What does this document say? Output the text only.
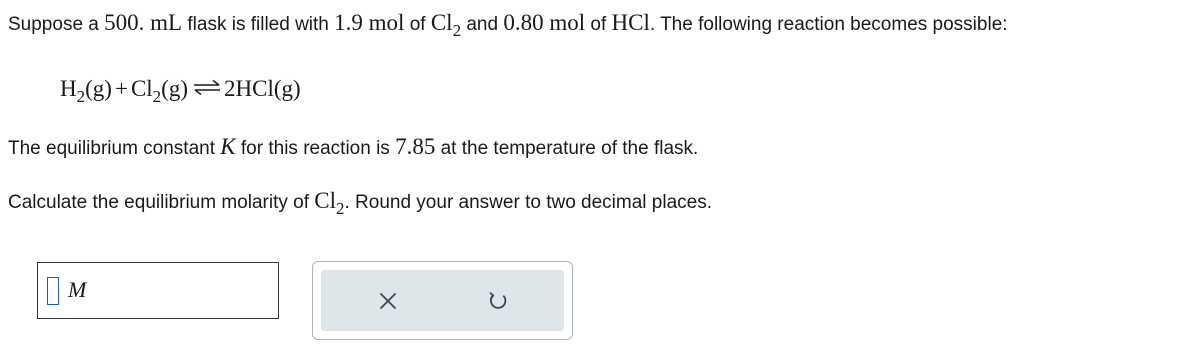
Suppose a 500. mL flask is filled with 1.9 mol of $Cl_2$ and 0.80 mol of HCl. The following reaction becomes possible:
$H_2(g) + Cl_2(g)$ ⇌ 2HCl(g)
The equilibrium constant K for this reaction is 7.85 at the temperature of the flask.
Calculate the equilibrium molarity of $Cl_2$. Round your answer to two decimal places.
M
